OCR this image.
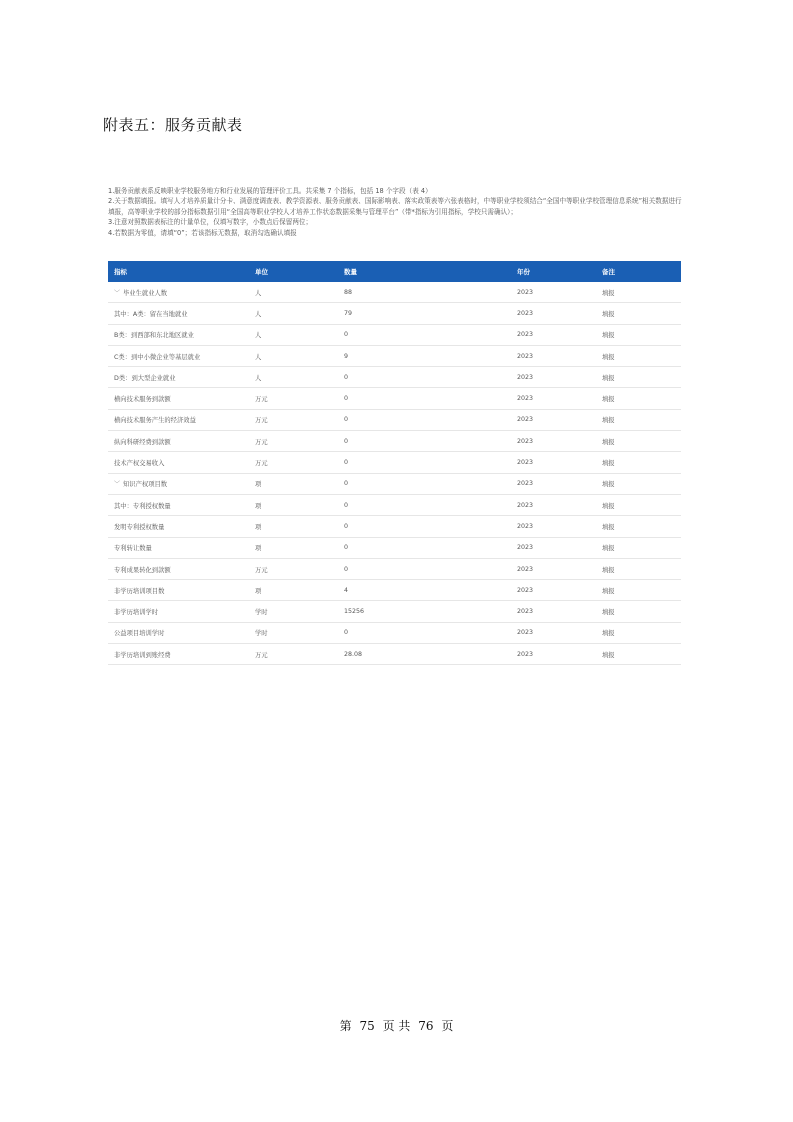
附表五：服务贡献表
1.服务贡献表系反映职业学校服务地方和行业发展的管理评价工具。共采集 7 个指标，包括 18 个字段（表 4）
2.关于数据填报。填写人才培养质量计分卡、满意度调查表、教学资源表、服务贡献表、国际影响表、落实政策表等六张表格时，中等职业学校须结合“全国中等职业学校管理信息系统”相关数据进行填报，高等职业学校的部分指标数据引用“全国高等职业学校人才培养工作状态数据采集与管理平台”（带*指标为引用指标，学校只需确认）；
3.注意对照数据表标注的计量单位，仅填写数字，小数点后保留两位；
4.若数据为零值，请填“0”；若该指标无数据，取消勾选确认填报
指标	单位	数量	年份	备注
﹀ 毕业生就业人数	人	88	2023	填报
其中：A类：留在当地就业	人	79	2023	填报
B类：到西部和东北地区就业	人	0	2023	填报
C类：到中小微企业等基层就业	人	9	2023	填报
D类：到大型企业就业	人	0	2023	填报
横向技术服务到款额	万元	0	2023	填报
横向技术服务产生的经济效益	万元	0	2023	填报
纵向科研经费到款额	万元	0	2023	填报
技术产权交易收入	万元	0	2023	填报
﹀ 知识产权项目数	项	0	2023	填报
其中：专利授权数量	项	0	2023	填报
发明专利授权数量	项	0	2023	填报
专利转让数量	项	0	2023	填报
专利成果转化到款额	万元	0	2023	填报
非学历培训项目数	项	4	2023	填报
非学历培训学时	学时	15256	2023	填报
公益项目培训学时	学时	0	2023	填报
非学历培训到账经费	万元	28.08	2023	填报
第 75 页 共 76 页
